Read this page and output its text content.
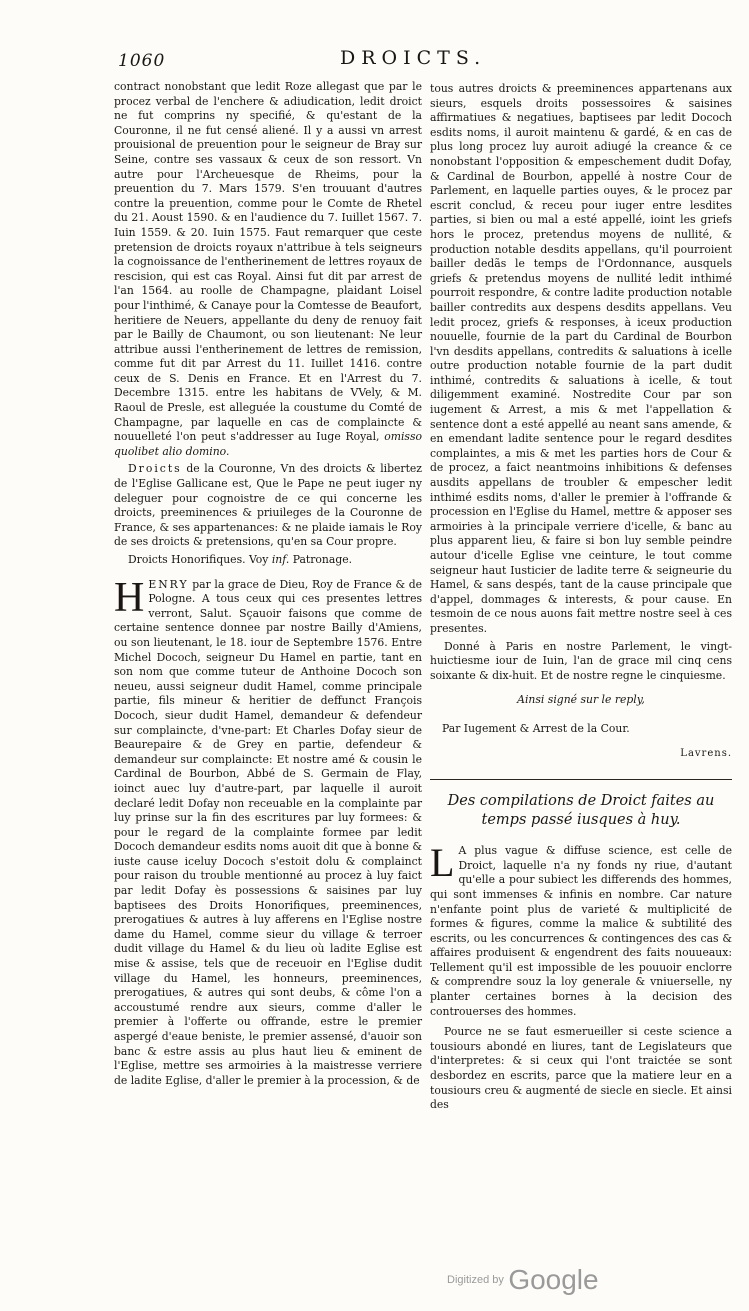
1060	DROICTS.

contract nonobstant que ledit Roze allegast que par le procez verbal de l'enchere & adiudication, ledit droict ne fut comprins ny specifié, & qu'estant de la Couronne, il ne fut censé aliené. Il y a aussi vn arrest prouisional de preuention pour le seigneur de Bray sur Seine, contre ses vassaux & ceux de son ressort. Vn autre pour l'Archeuesque de Rheims, pour la preuention du 7. Mars 1579. S'en trouuant d'autres contre la preuention, comme pour le Comte de Rhetel du 21. Aoust 1590. & en l'audience du 7. Iuillet 1567. 7. Iuin 1559. & 20. Iuin 1575. Faut remarquer que ceste pretension de droicts royaux n'attribue à tels seigneurs la cognoissance de l'entherinement de lettres royaux de rescision, qui est cas Royal. Ainsi fut dit par arrest de l'an 1564. au roolle de Champagne, plaidant Loisel pour l'inthimé, & Canaye pour la Comtesse de Beaufort, heritiere de Neuers, appellante du deny de renuoy fait par le Bailly de Chaumont, ou son lieutenant: Ne leur attribue aussi l'entherinement de lettres de remission, comme fut dit par Arrest du 11. Iuillet 1416. contre ceux de S. Denis en France. Et en l'Arrest du 7. Decembre 1315. entre les habitans de VVely, & M. Raoul de Presle, est alleguée la coustume du Comté de Champagne, par laquelle en cas de complaincte & nouuelleté l'on peut s'addresser au Iuge Royal, omisso quolibet alio domino.

Droicts de la Couronne, Vn des droicts & libertez de l'Eglise Gallicane est, Que le Pape ne peut iuger ny deleguer pour cognoistre de ce qui concerne les droicts, preeminences & priuileges de la Couronne de France, & ses appartenances: & ne plaide iamais le Roy de ses droicts & pretensions, qu'en sa Cour propre.

Droicts Honorifiques. Voy inf. Patronage.

H ENRY par la grace de Dieu, Roy de France & de Pologne. A tous ceux qui ces presentes lettres verront, Salut. Sçauoir faisons que comme de certaine sentence donnee par nostre Bailly d'Amiens, ou son lieutenant, le 18. iour de Septembre 1576. Entre Michel Dococh, seigneur Du Hamel en partie, tant en son nom que comme tuteur de Anthoine Dococh son neueu, aussi seigneur dudit Hamel, comme principale partie, fils mineur & heritier de deffunct François Dococh, sieur dudit Hamel, demandeur & defendeur sur complaincte, d'vne-part: Et Charles Dofay sieur de Beaurepaire & de Grey en partie, defendeur & demandeur sur complaincte: Et nostre amé & cousin le Cardinal de Bourbon, Abbé de S. Germain de Flay, ioinct auec luy d'autre-part, par laquelle il auroit declaré ledit Dofay non receuable en la complainte par luy prinse sur la fin des escritures par luy formees: & pour le regard de la complainte formee par ledit Dococh demandeur esdits noms auoit dit que à bonne & iuste cause iceluy Dococh s'estoit dolu & complainct pour raison du trouble mentionné au procez à luy faict par ledit Dofay ès possessions & saisines par luy baptisees des Droits Honorifiques, preeminences, prerogatiues & autres à luy afferens en l'Eglise nostre dame du Hamel, comme sieur du village & terroer dudit village du Hamel & du lieu où ladite Eglise est mise & assise, tels que de receuoir en l'Eglise dudit village du Hamel, les honneurs, preeminences, prerogatiues, & autres qui sont deubs, & côme l'on a accoustumé rendre aux sieurs, comme d'aller le premier à l'offerte ou offrande, estre le premier aspergé d'eaue benistе, le premier assensé, d'auoir son banc & estre assis au plus haut lieu & eminent de l'Eglise, mettre ses armoiries à la maistresse verriere de ladite Eglise, d'aller le premier à la procession, & de

tous autres droicts & preeminences appartenans aux sieurs, esquels droits possessoires & saisines affirmatiues & negatiues, baptisees par ledit Dococh esdits noms, il auroit maintenu & gardé, & en cas de plus long procez luy auroit adiugé la creance & ce nonobstant l'opposition & empeschement dudit Dofay, & Cardinal de Bourbon, appellé à nostre Cour de Parlement, en laquelle parties ouyes, & le procez par escrit conclud, & receu pour iuger entre lesdites parties, si bien ou mal a esté appellé, ioint les griefs hors le procez, pretendus moyens de nullité, & production notable desdits appellans, qu'il pourroient bailler dedãs le temps de l'Ordonnance, ausquels griefs & pretendus moyens de nullité ledit inthimé pourroit respondre, & contre ladite production notable bailler contredits aux despens desdits appellans. Veu ledit procez, griefs & responses, à iceux production nouuelle, fournie de la part du Cardinal de Bourbon l'vn desdits appellans, contredits & saluations à icelle outre production notable fournie de la part dudit inthimé, contredits & saluations à icelle, & tout diligemment examiné. Nostredite Cour par son iugement & Arrest, a mis & met l'appellation & sentence dont a esté appellé au neant sans amende, & en emendant ladite sentence pour le regard desdites complaintes, a mis & met les parties hors de Cour & de procez, a faict neantmoins inhibitions & defenses ausdits appellans de troubler & empescher ledit inthimé esdits noms, d'aller le premier à l'offrande & procession en l'Eglise du Hamel, mettre & apposer ses armoiries à la principale verriere d'icelle, & banc au plus apparent lieu, & faire si bon luy semble peindre autour d'icelle Eglise vne ceinture, le tout comme seigneur haut Iusticier de ladite terre & seigneurie du Hamel, & sans despés, tant de la cause principale que d'appel, dommages & interests, & pour cause. En tesmoin de ce nous auons fait mettre nostre seel à ces presentes.

Donné à Paris en nostre Parlement, le vingt-huictiesme iour de Iuin, l'an de grace mil cinq cens soixante & dix-huit. Et de nostre regne le cinquiesme.

Ainsi signé sur le reply,

Par Iugement & Arrest de la Cour.

Lavrens.

Des compilations de Droict faites au temps passé iusques à huy.

L A plus vague & diffuse science, est celle de Droict, laquelle n'a ny fonds ny riue, d'autant qu'elle a pour subiect les differends des hommes, qui sont immenses & infinis en nombre. Car nature n'enfante point plus de varieté & multiplicité de formes & figures, comme la malice & subtilité des escrits, ou les concurrences & contingences des cas & affaires produisent & engendrent des faits nouueaux: Tellement qu'il est impossible de les pouuoir enclorre & comprendre souz la loy generale & vniuerselle, ny planter certaines bornes à la decision des controuerses des hommes.

Pource ne se faut esmerueiller si ceste science a tousiours abondé en liures, tant de Legislateurs que d'interpretes: & si ceux qui l'ont traictée se sont desbordez en escrits, parce que la matiere leur en a tousiours creu & augmenté de siecle en siecle. Et ainsi des

Digitized by Google
